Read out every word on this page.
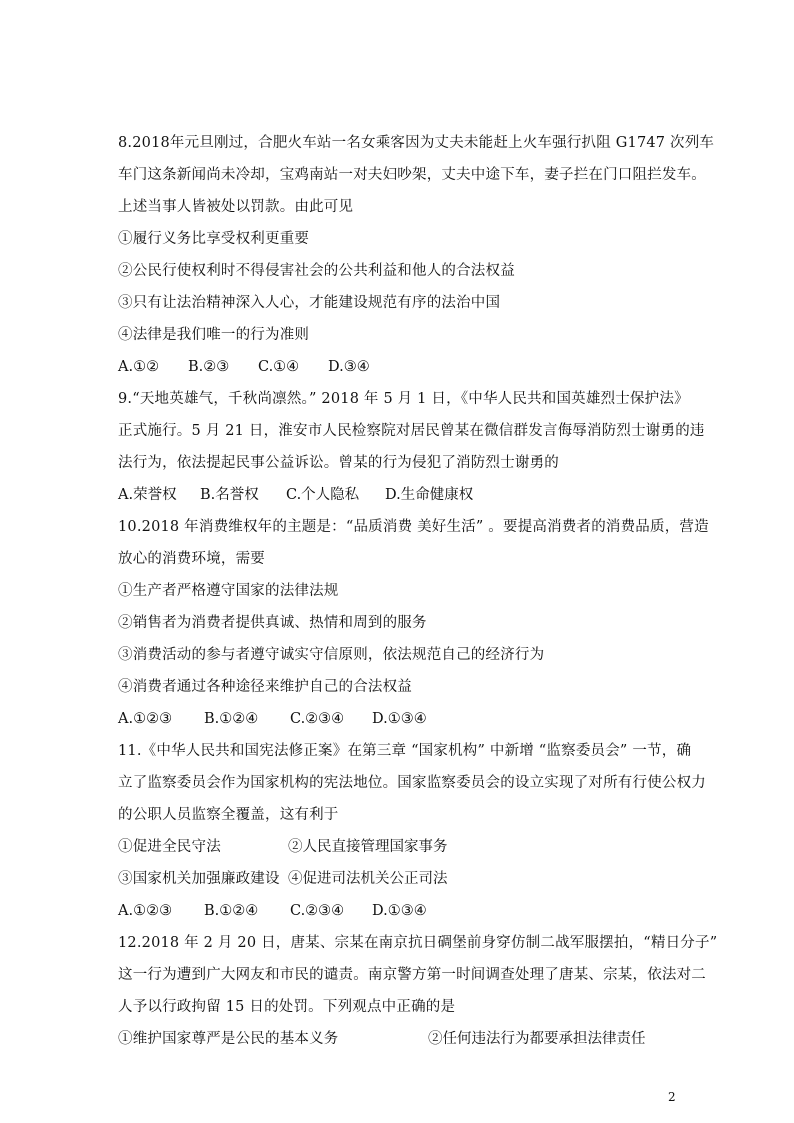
8.2018年元旦刚过，合肥火车站一名女乘客因为丈夫未能赶上火车强行扒阻 G1747 次列车
车门这条新闻尚未冷却，宝鸡南站一对夫妇吵架，丈夫中途下车，妻子拦在门口阻拦发车。
上述当事人皆被处以罚款。由此可见
①履行义务比享受权利更重要
②公民行使权利时不得侵害社会的公共利益和他人的合法权益
③只有让法治精神深入人心，才能建设规范有序的法治中国
④法律是我们唯一的行为准则
A.①② B.②③ C.①④ D.③④
9.“天地英雄气，千秋尚凛然。” 2018 年 5 月 1 日，《中华人民共和国英雄烈士保护法》
正式施行。5 月 21 日，淮安市人民检察院对居民曾某在微信群发言侮辱消防烈士谢勇的违
法行为，依法提起民事公益诉讼。曾某的行为侵犯了消防烈士谢勇的
A.荣誉权 B.名誉权 C.个人隐私 D.生命健康权
10.2018 年消费维权年的主题是：“品质消费 美好生活” 。要提高消费者的消费品质，营造
放心的消费环境，需要
①生产者严格遵守国家的法律法规
②销售者为消费者提供真诚、热情和周到的服务
③消费活动的参与者遵守诚实守信原则，依法规范自己的经济行为
④消费者通过各种途径来维护自己的合法权益
A.①②③ B.①②④ C.②③④ D.①③④
11.《中华人民共和国宪法修正案》在第三章 “国家机构” 中新增 “监察委员会” 一节，确
立了监察委员会作为国家机构的宪法地位。国家监察委员会的设立实现了对所有行使公权力
的公职人员监察全覆盖，这有利于
①促进全民守法	②人民直接管理国家事务
③国家机关加强廉政建设 ④促进司法机关公正司法
A.①②③ B.①②④ C.②③④ D.①③④
12.2018 年 2 月 20 日，唐某、宗某在南京抗日碉堡前身穿仿制二战军服摆拍，“精日分子”
这一行为遭到广大网友和市民的谴责。南京警方第一时间调查处理了唐某、宗某，依法对二
人予以行政拘留 15 日的处罚。下列观点中正确的是
①维护国家尊严是公民的基本义务	②任何违法行为都要承担法律责任
2
